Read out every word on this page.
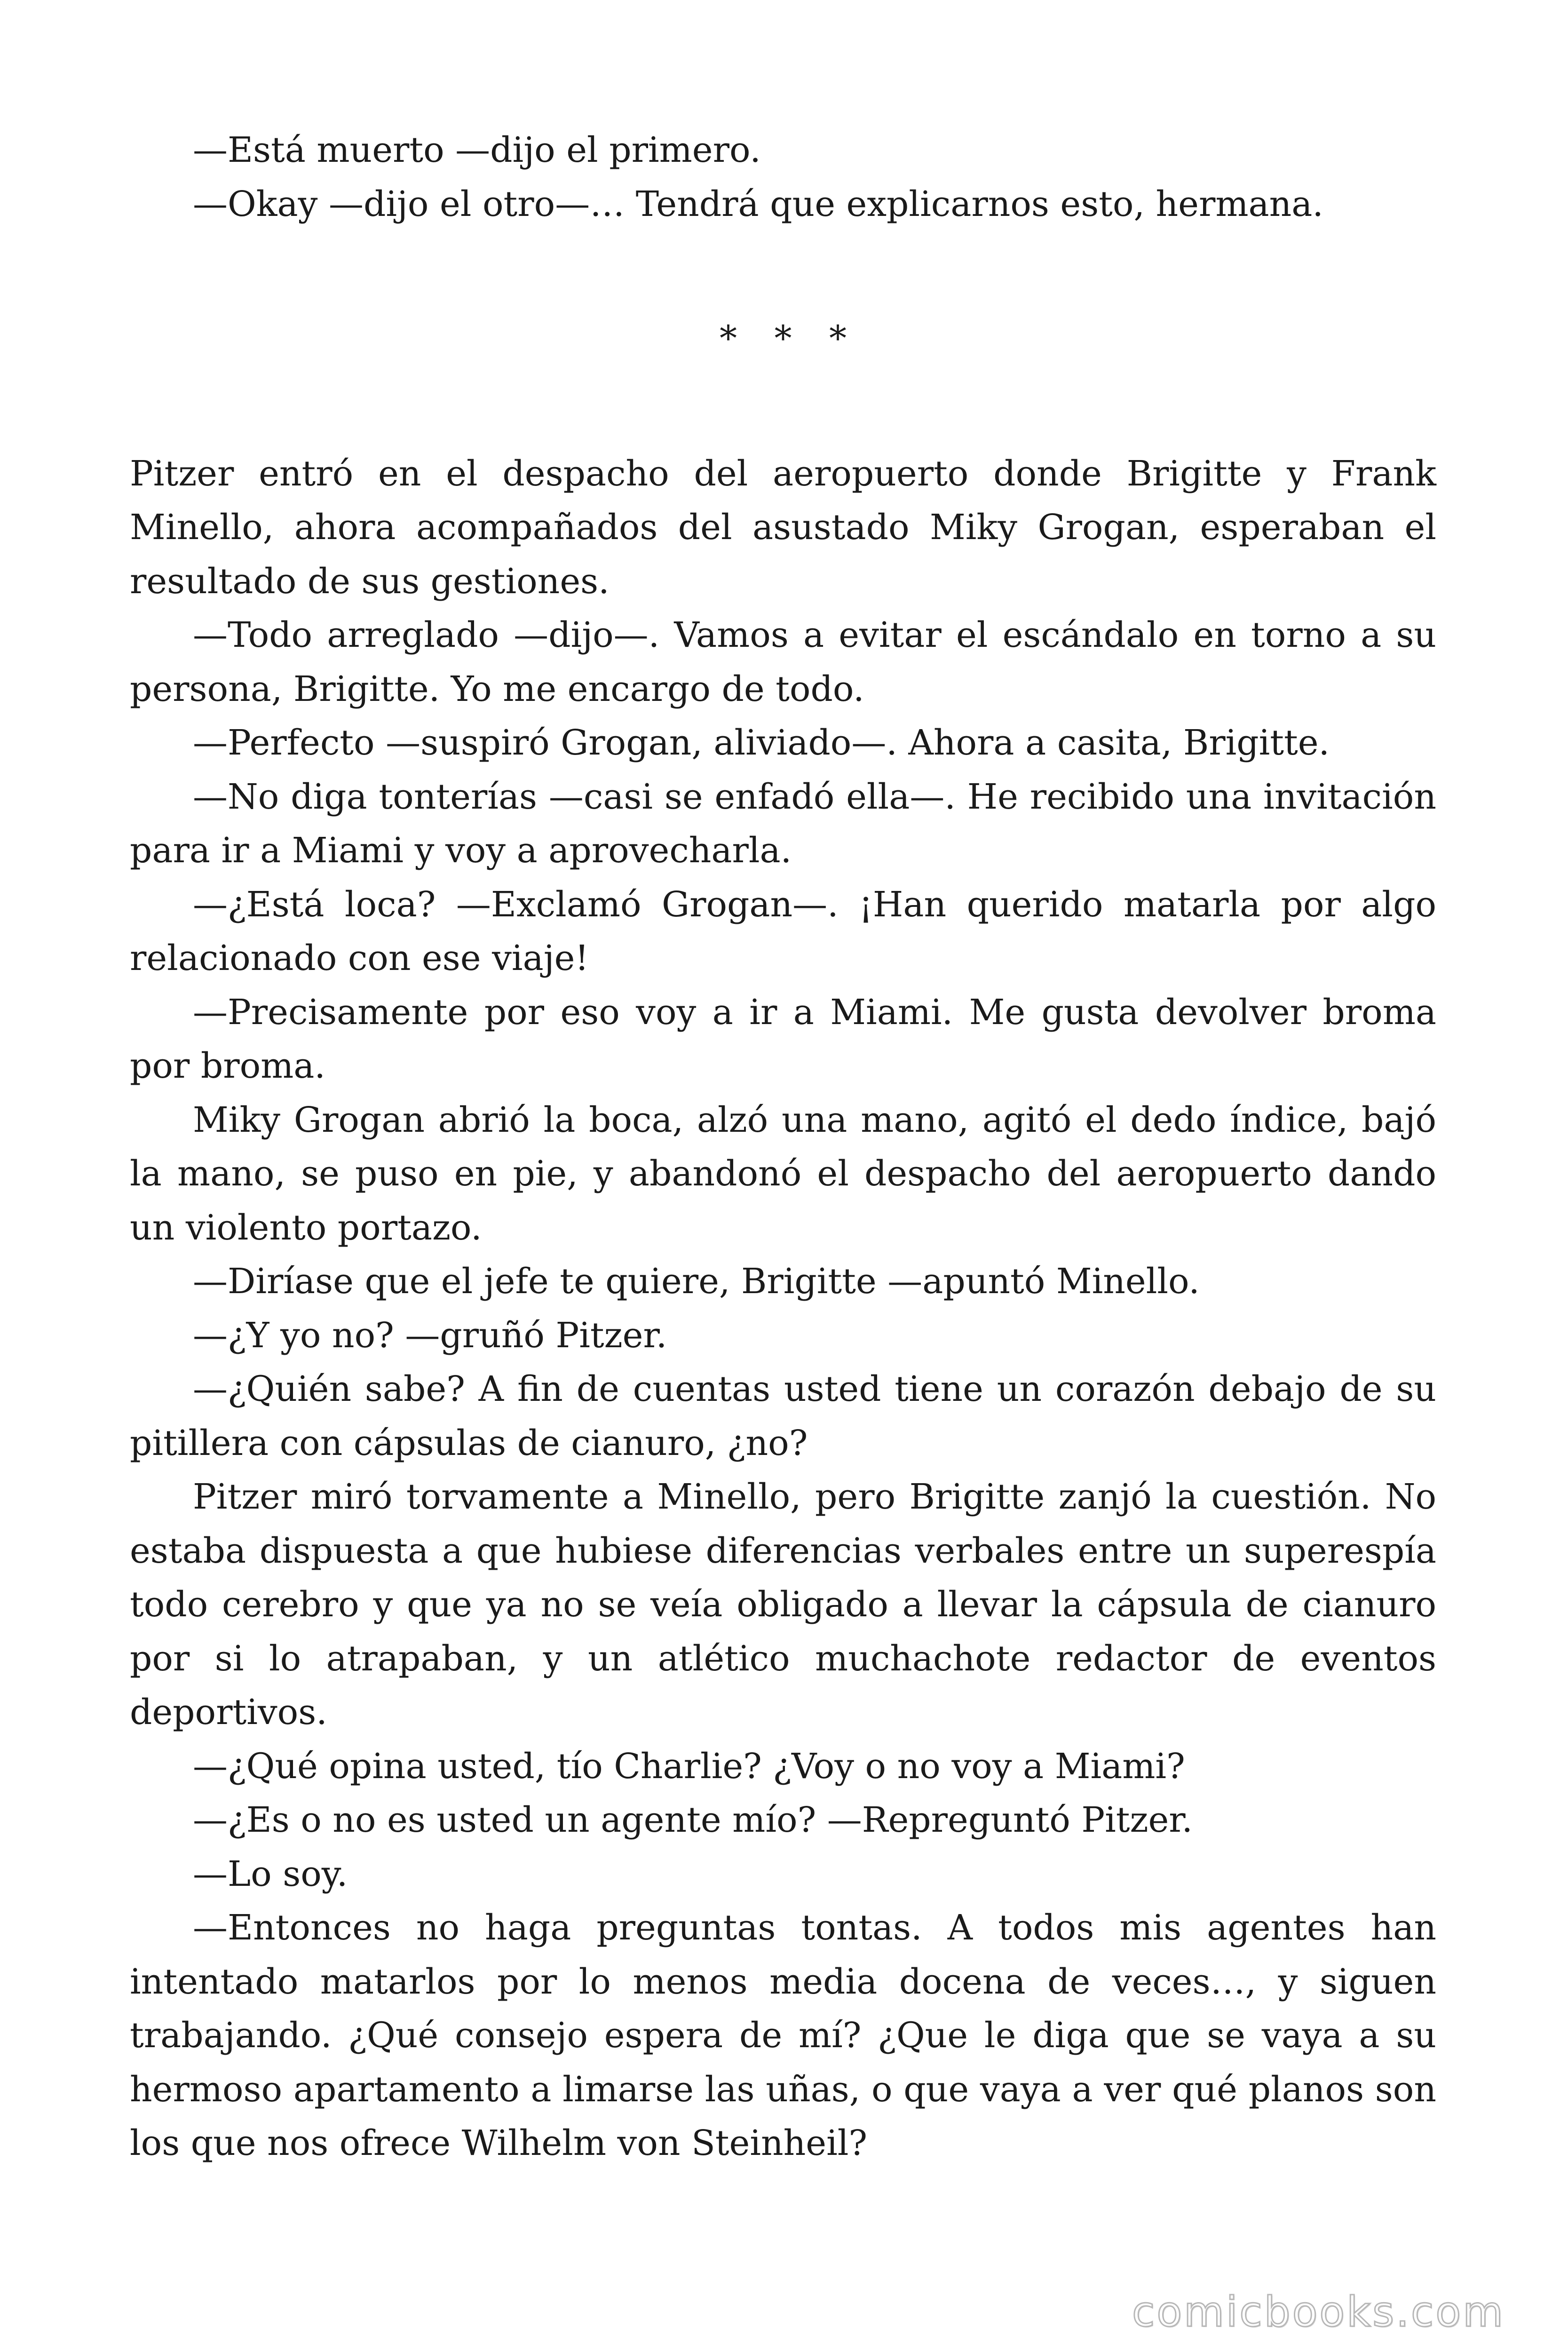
—Está muerto —dijo el primero.

—Okay —dijo el otro—… Tendrá que explicarnos esto, hermana.

* * *

Pitzer entró en el despacho del aeropuerto donde Brigitte y Frank Minello, ahora acompañados del asustado Miky Grogan, esperaban el resultado de sus gestiones.

—Todo arreglado —dijo—. Vamos a evitar el escándalo en torno a su persona, Brigitte. Yo me encargo de todo.

—Perfecto —suspiró Grogan, aliviado—. Ahora a casita, Brigitte.

—No diga tonterías —casi se enfadó ella—. He recibido una invitación para ir a Miami y voy a aprovecharla.

—¿Está loca? —Exclamó Grogan—. ¡Han querido matarla por algo relacionado con ese viaje!

—Precisamente por eso voy a ir a Miami. Me gusta devolver broma por broma.

Miky Grogan abrió la boca, alzó una mano, agitó el dedo índice, bajó la mano, se puso en pie, y abandonó el despacho del aeropuerto dando un violento portazo.

—Diríase que el jefe te quiere, Brigitte —apuntó Minello.

—¿Y yo no? —gruñó Pitzer.

—¿Quién sabe? A fin de cuentas usted tiene un corazón debajo de su pitillera con cápsulas de cianuro, ¿no?

Pitzer miró torvamente a Minello, pero Brigitte zanjó la cuestión. No estaba dispuesta a que hubiese diferencias verbales entre un superespía todo cerebro y que ya no se veía obligado a llevar la cápsula de cianuro por si lo atrapaban, y un atlético muchachote redactor de eventos deportivos.

—¿Qué opina usted, tío Charlie? ¿Voy o no voy a Miami?

—¿Es o no es usted un agente mío? —Repreguntó Pitzer.

—Lo soy.

—Entonces no haga preguntas tontas. A todos mis agentes han intentado matarlos por lo menos media docena de veces…, y siguen trabajando. ¿Qué consejo espera de mí? ¿Que le diga que se vaya a su hermoso apartamento a limarse las uñas, o que vaya a ver qué planos son los que nos ofrece Wilhelm von Steinheil?

comicbooks.com
